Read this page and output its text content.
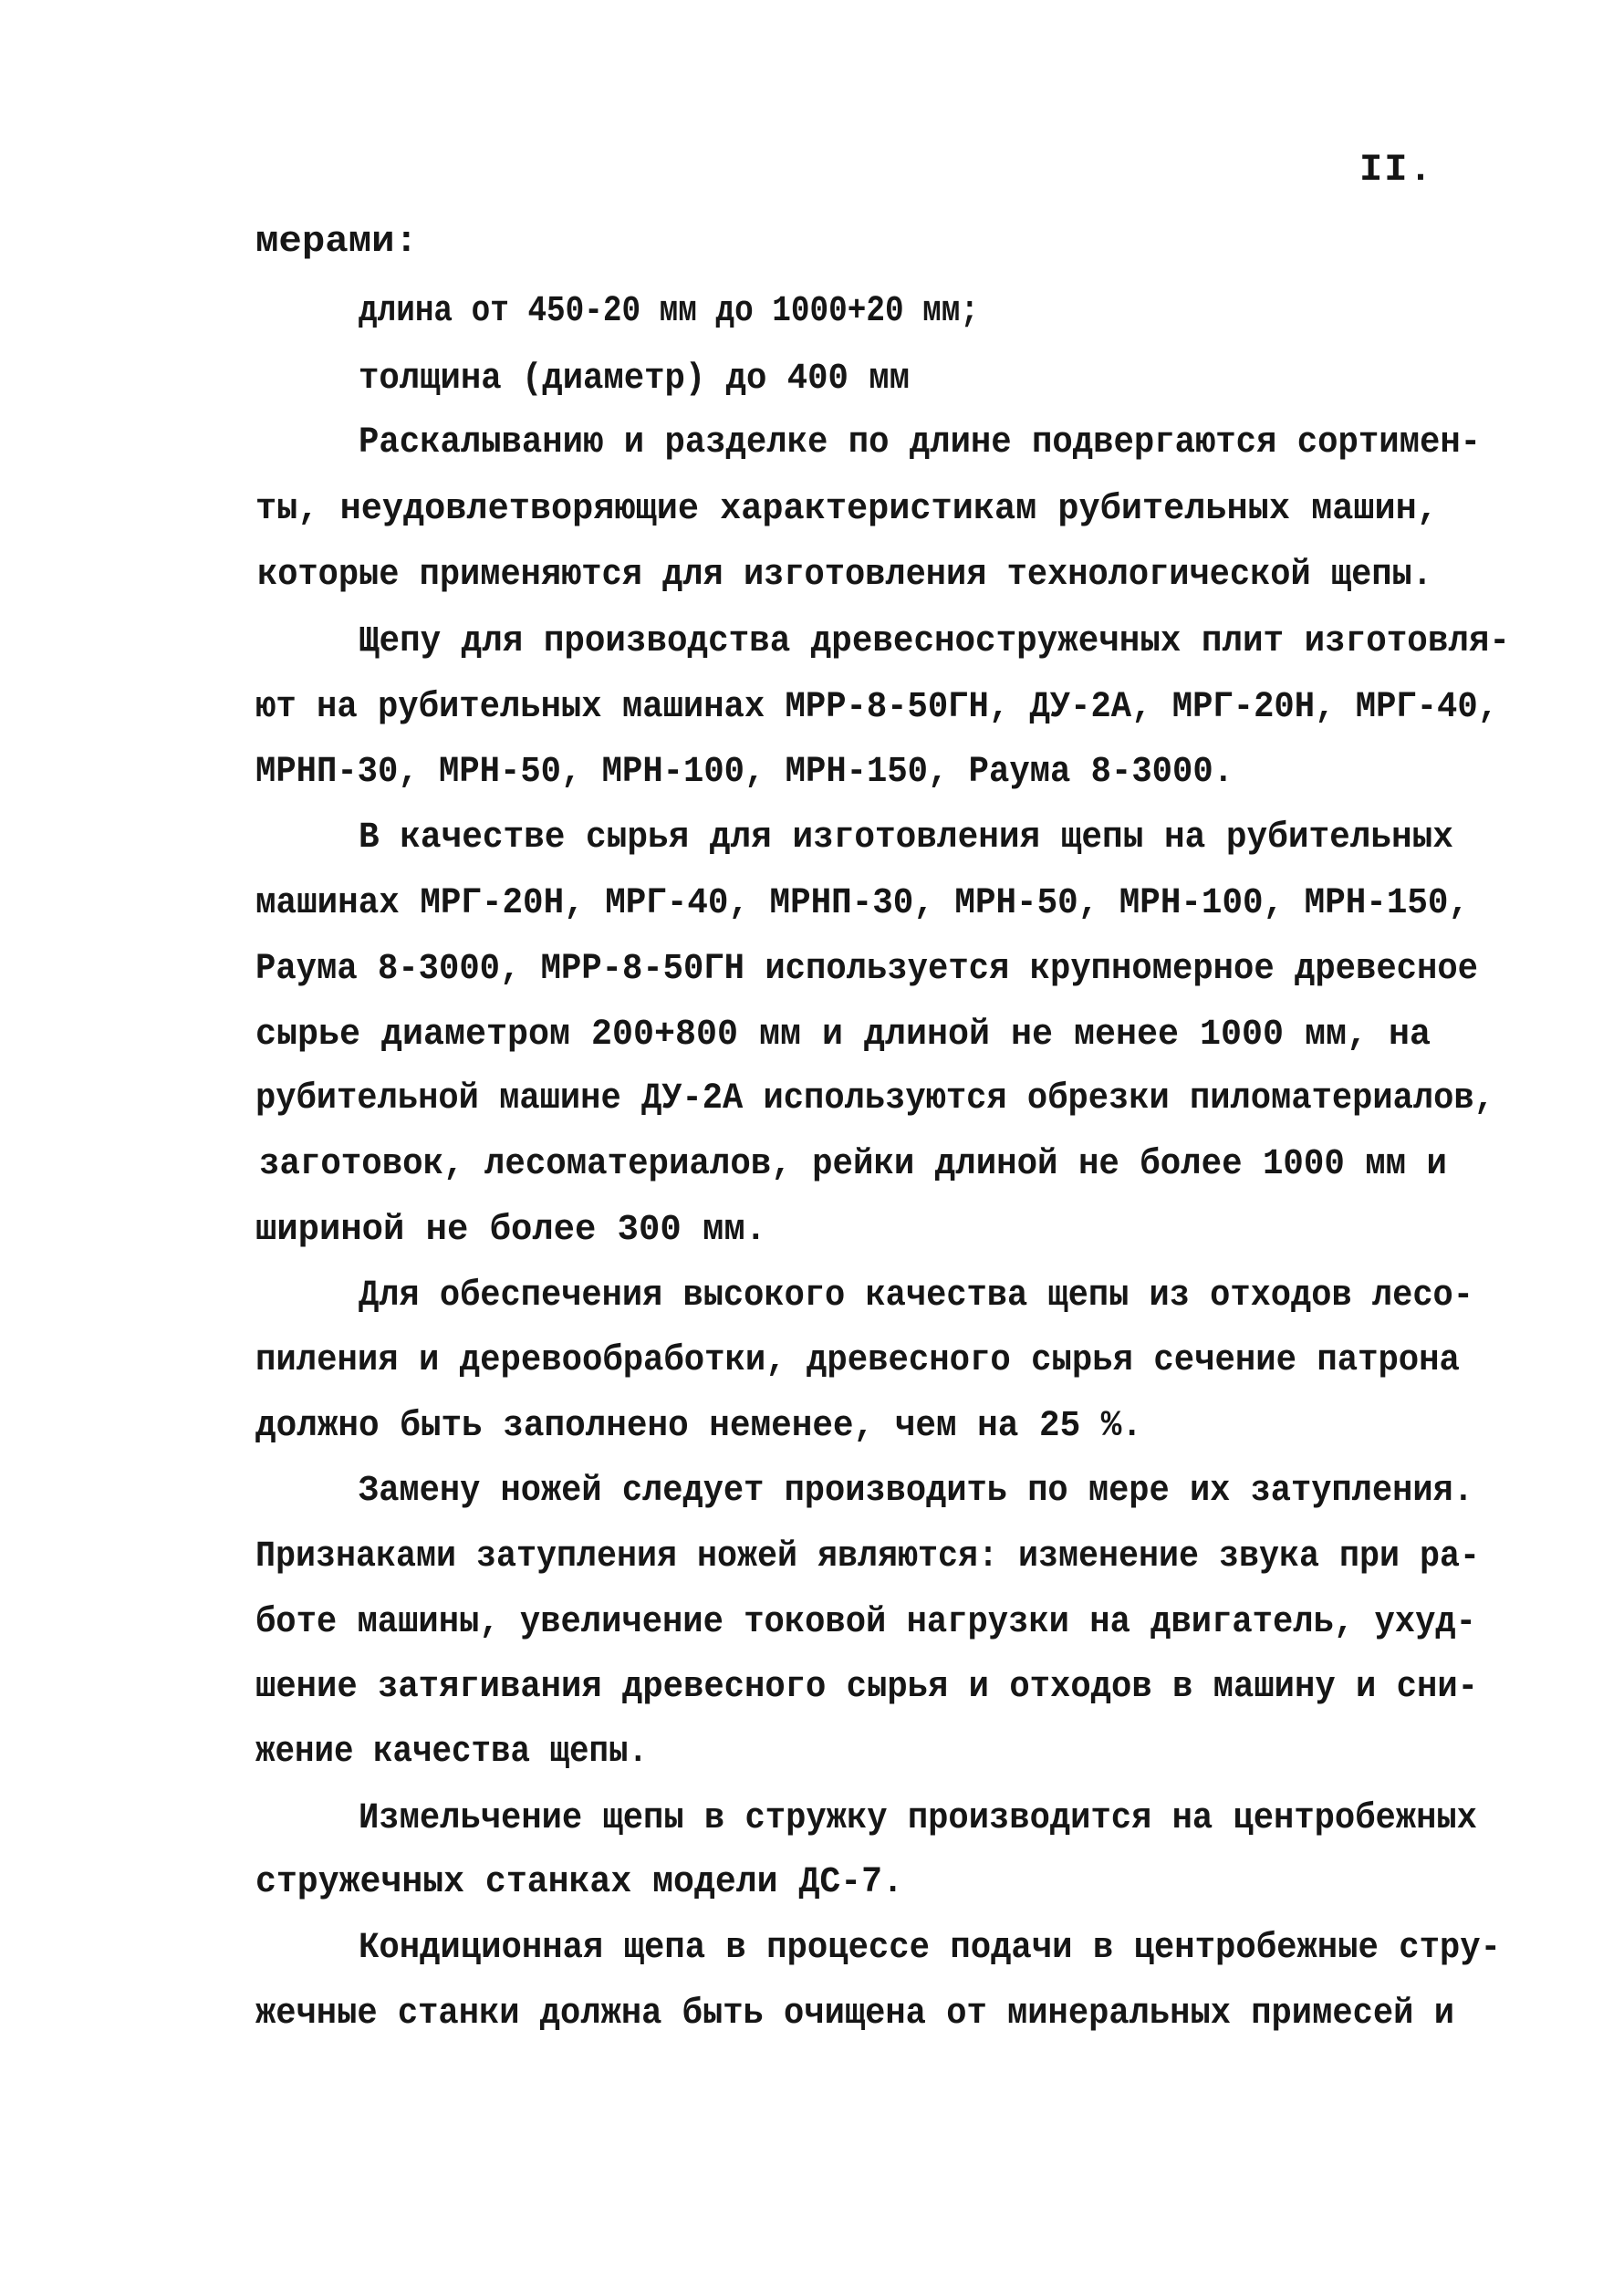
II.
мерами:
длина от 450-20 мм до 1000+20 мм;
толщина (диаметр) до 400 мм
Раскалыванию и разделке по длине подвергаются сортимен-
ты, неудовлетворяющие характеристикам рубительных машин,
которые применяются для изготовления технологической щепы.
Щепу для производства древесностружечных плит изготовля-
ют на рубительных машинах МРР-8-50ГН, ДУ-2А, МРГ-20Н, МРГ-40,
МРНП-30, МРН-50, МРН-100, МРН-150, Раума 8-3000.
В качестве сырья для изготовления щепы на рубительных
машинах МРГ-20Н, МРГ-40, МРНП-30, МРН-50, МРН-100, МРН-150,
Раума 8-3000, МРР-8-50ГН используется крупномерное древесное
сырье диаметром 200+800 мм и длиной не менее 1000 мм, на
рубительной машине ДУ-2А используются обрезки пиломатериалов,
заготовок, лесоматериалов, рейки длиной не более 1000 мм и
шириной не более 300 мм.
Для обеспечения высокого качества щепы из отходов лесо-
пиления и деревообработки, древесного сырья сечение патрона
должно быть заполнено неменее, чем на 25 %.
Замену ножей следует производить по мере их затупления.
Признаками затупления ножей являются: изменение звука при ра-
боте машины, увеличение токовой нагрузки на двигатель, ухуд-
шение затягивания древесного сырья и отходов в машину и сни-
жение качества щепы.
Измельчение щепы в стружку производится на центробежных
стружечных станках модели ДС-7.
Кондиционная щепа в процессе подачи в центробежные стру-
жечные станки должна быть очищена от минеральных примесей и
